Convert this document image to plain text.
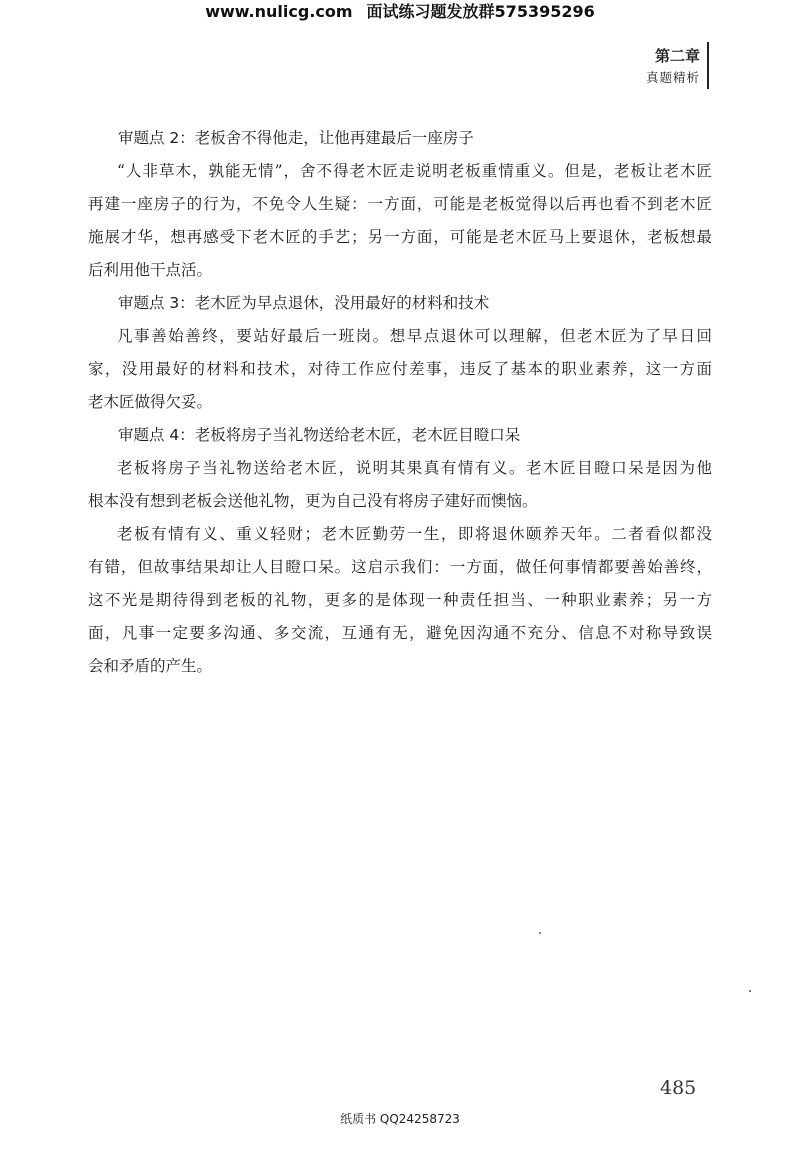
www.nulicg.com 面试练习题发放群575395296
第二章
真题精析
审题点 2：老板舍不得他走，让他再建最后一座房子
“人非草木，孰能无情”，舍不得老木匠走说明老板重情重义。但是，老板让老木匠
再建一座房子的行为，不免令人生疑：一方面，可能是老板觉得以后再也看不到老木匠
施展才华，想再感受下老木匠的手艺；另一方面，可能是老木匠马上要退休，老板想最
后利用他干点活。
审题点 3：老木匠为早点退休，没用最好的材料和技术
凡事善始善终，要站好最后一班岗。想早点退休可以理解，但老木匠为了早日回
家，没用最好的材料和技术，对待工作应付差事，违反了基本的职业素养，这一方面
老木匠做得欠妥。
审题点 4：老板将房子当礼物送给老木匠，老木匠目瞪口呆
老板将房子当礼物送给老木匠，说明其果真有情有义。老木匠目瞪口呆是因为他
根本没有想到老板会送他礼物，更为自己没有将房子建好而懊恼。
老板有情有义、重义轻财；老木匠勤劳一生，即将退休颐养天年。二者看似都没
有错，但故事结果却让人目瞪口呆。这启示我们：一方面，做任何事情都要善始善终，
这不光是期待得到老板的礼物，更多的是体现一种责任担当、一种职业素养；另一方
面，凡事一定要多沟通、多交流，互通有无，避免因沟通不充分、信息不对称导致误
会和矛盾的产生。
485
纸质书 QQ24258723
